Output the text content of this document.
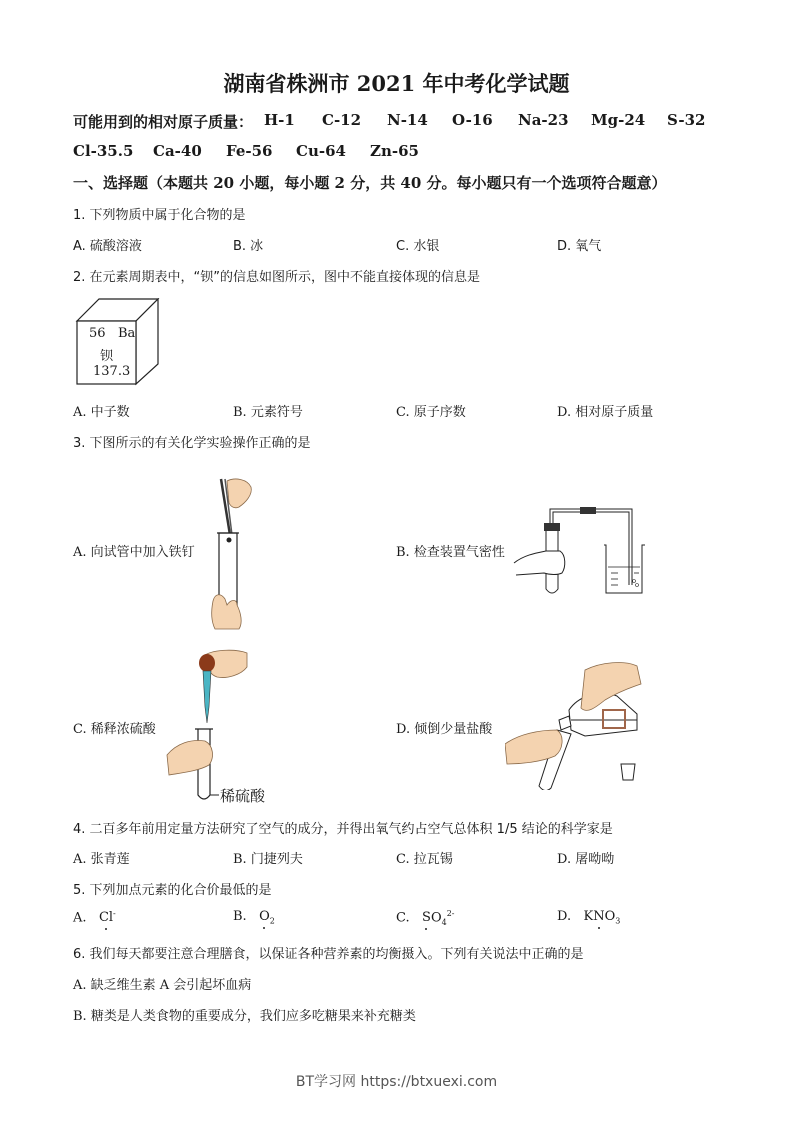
湖南省株洲市 2021 年中考化学试题
可能用到的相对原子质量： H-1 C-12 N-14 O-16 Na-23 Mg-24 S-32
Cl-35.5 Ca-40 Fe-56 Cu-64 Zn-65
一、选择题（本题共 20 小题，每小题 2 分，共 40 分。每小题只有一个选项符合题意）
1. 下列物质中属于化合物的是
A. 硫酸溶液	B. 冰	C. 水银	D. 氧气
2. 在元素周期表中，“钡”的信息如图所示，图中不能直接体现的信息是
56 Ba
钡
137.3
A. 中子数	B. 元素符号	C. 原子序数	D. 相对原子质量
3. 下图所示的有关化学实验操作正确的是
A. 向试管中加入铁钉	B. 检查装置气密性
C. 稀释浓硫酸
稀硫酸
D. 倾倒少量盐酸
4. 二百多年前用定量方法研究了空气的成分，并得出氧气约占空气总体积 1/5 结论的科学家是
A. 张青莲	B. 门捷列夫	C. 拉瓦锡	D. 屠呦呦
5. 下列加点元素的化合价最低的是
A. Cl-	B. $O_2$	C. $SO_4^{2-}$	D. $KNO_3$
6. 我们每天都要注意合理膳食，以保证各种营养素的均衡摄入。下列有关说法中正确的是
A. 缺乏维生素 A 会引起坏血病
B. 糖类是人类食物的重要成分，我们应多吃糖果来补充糖类
BT学习网 https://btxuexi.com
